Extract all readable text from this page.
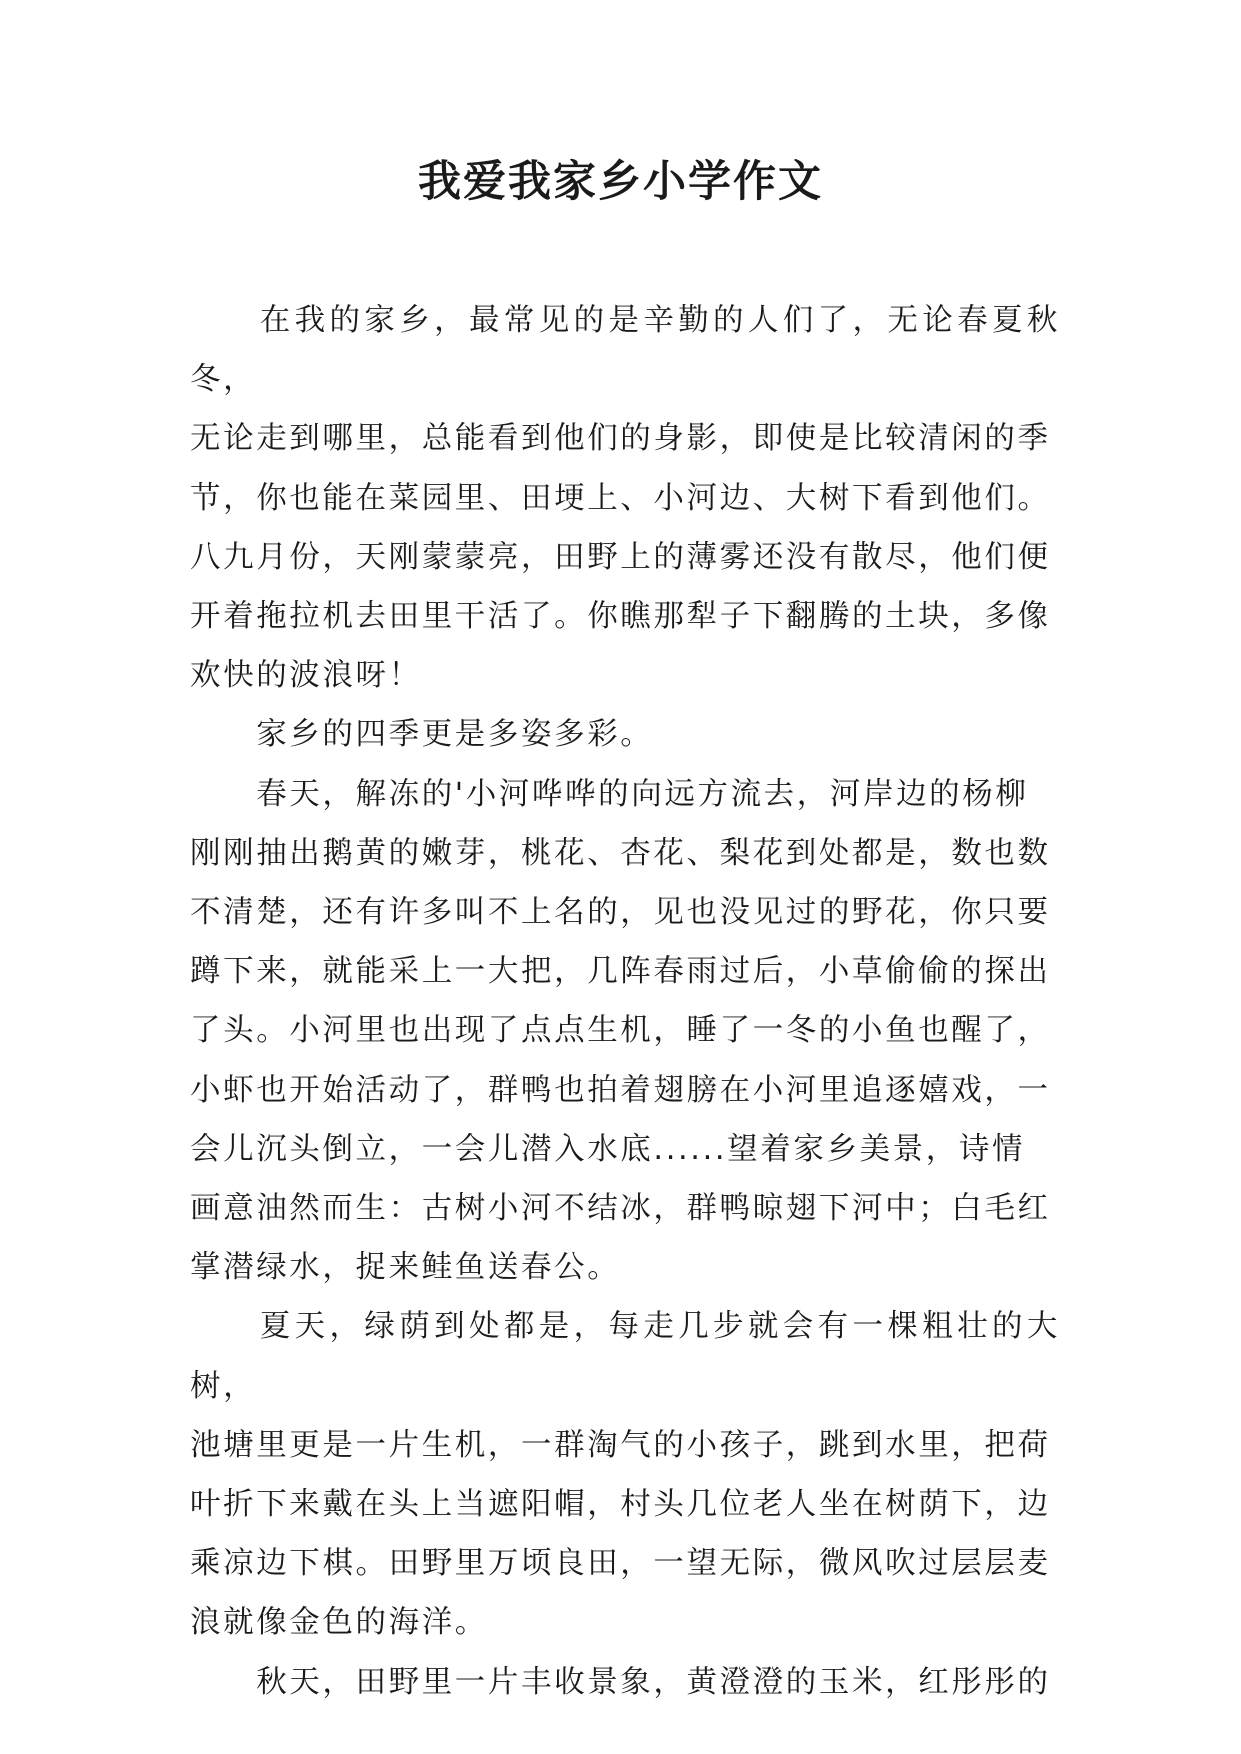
我爱我家乡小学作文

　　在我的家乡，最常见的是辛勤的人们了，无论春夏秋冬，

无论走到哪里，总能看到他们的身影，即使是比较清闲的季

节，你也能在菜园里、田埂上、小河边、大树下看到他们。

八九月份，天刚蒙蒙亮，田野上的薄雾还没有散尽，他们便

开着拖拉机去田里干活了。你瞧那犁子下翻腾的土块，多像

欢快的波浪呀！

　　家乡的四季更是多姿多彩。

　　春天，解冻的'小河哗哗的向远方流去，河岸边的杨柳

刚刚抽出鹅黄的嫩芽，桃花、杏花、梨花到处都是，数也数

不清楚，还有许多叫不上名的，见也没见过的野花，你只要

蹲下来，就能采上一大把，几阵春雨过后，小草偷偷的探出

了头。小河里也出现了点点生机，睡了一冬的小鱼也醒了，

小虾也开始活动了，群鸭也拍着翅膀在小河里追逐嬉戏，一

会儿沉头倒立，一会儿潜入水底......望着家乡美景，诗情

画意油然而生：古树小河不结冰，群鸭晾翅下河中；白毛红

掌潜绿水，捉来鲑鱼送春公。

　　夏天，绿荫到处都是，每走几步就会有一棵粗壮的大树，

池塘里更是一片生机，一群淘气的小孩子，跳到水里，把荷

叶折下来戴在头上当遮阳帽，村头几位老人坐在树荫下，边

乘凉边下棋。田野里万顷良田，一望无际，微风吹过层层麦

浪就像金色的海洋。

　　秋天，田野里一片丰收景象，黄澄澄的玉米，红彤彤的
